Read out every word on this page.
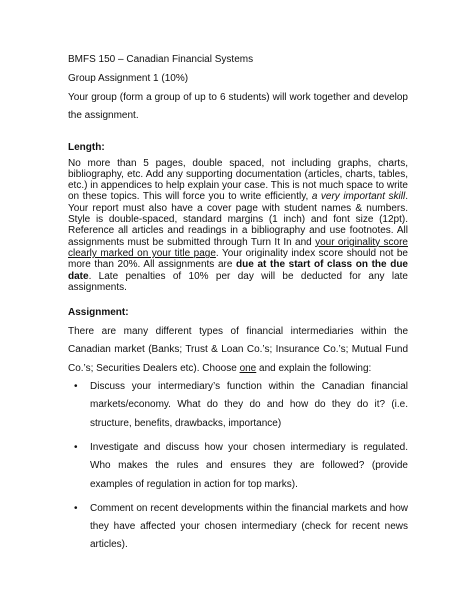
BMFS 150 – Canadian Financial Systems
Group Assignment 1 (10%)
Your group (form a group of up to 6 students) will work together and develop the assignment.
Length:
No more than 5 pages, double spaced, not including graphs, charts, bibliography, etc. Add any supporting documentation (articles, charts, tables, etc.) in appendices to help explain your case. This is not much space to write on these topics. This will force you to write efficiently, a very important skill. Your report must also have a cover page with student names & numbers. Style is double-spaced, standard margins (1 inch) and font size (12pt). Reference all articles and readings in a bibliography and use footnotes. All assignments must be submitted through Turn It In and your originality score clearly marked on your title page. Your originality index score should not be more than 20%. All assignments are due at the start of class on the due date. Late penalties of 10% per day will be deducted for any late assignments.
Assignment:
There are many different types of financial intermediaries within the Canadian market (Banks; Trust & Loan Co.’s; Insurance Co.’s; Mutual Fund Co.’s; Securities Dealers etc). Choose one and explain the following:
• Discuss your intermediary’s function within the Canadian financial markets/economy. What do they do and how do they do it? (i.e. structure, benefits, drawbacks, importance)
• Investigate and discuss how your chosen intermediary is regulated. Who makes the rules and ensures they are followed? (provide examples of regulation in action for top marks).
• Comment on recent developments within the financial markets and how they have affected your chosen intermediary (check for recent news articles).
